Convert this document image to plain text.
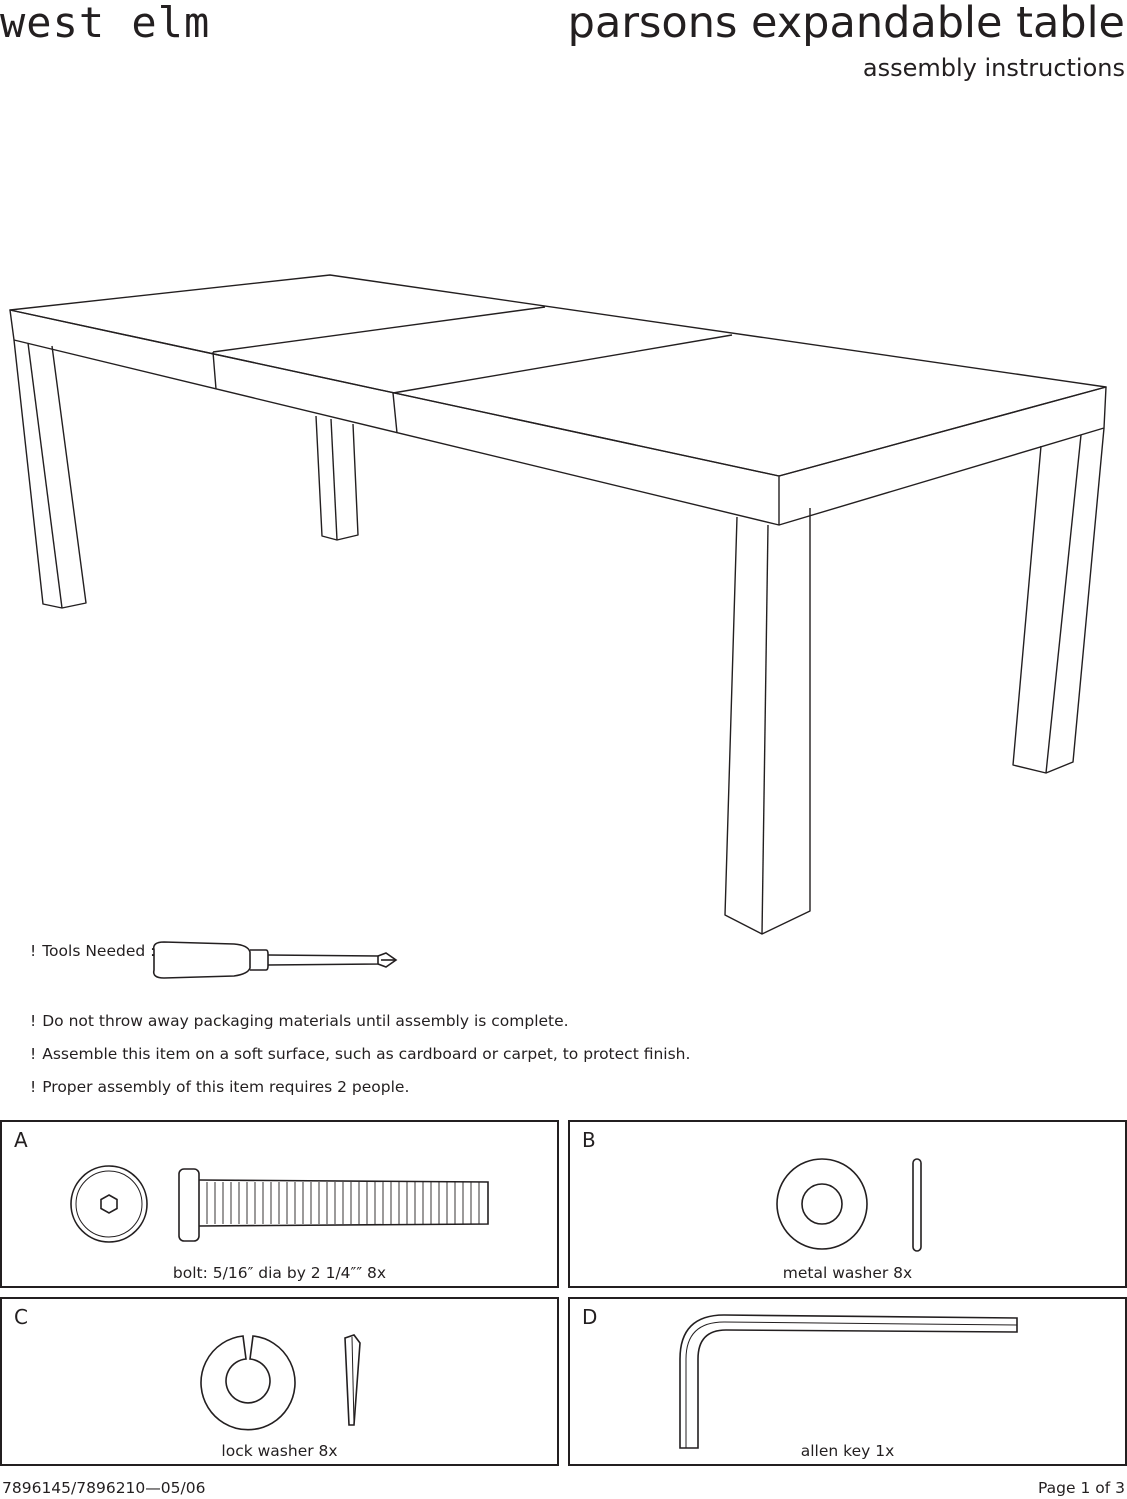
west elm	parsons expandable table
assembly instructions
! Tools Needed :
! Do not throw away packaging materials until assembly is complete.
! Assemble this item on a soft surface, such as cardboard or carpet, to protect ﬁnish.
! Proper assembly of this item requires 2 people.
A
bolt: 5/16″ dia by 2 1/4″″ 8x
B
metal washer 8x
C
lock washer 8x
D
allen key 1x
7896145/7896210—05/06	Page 1 of 3
